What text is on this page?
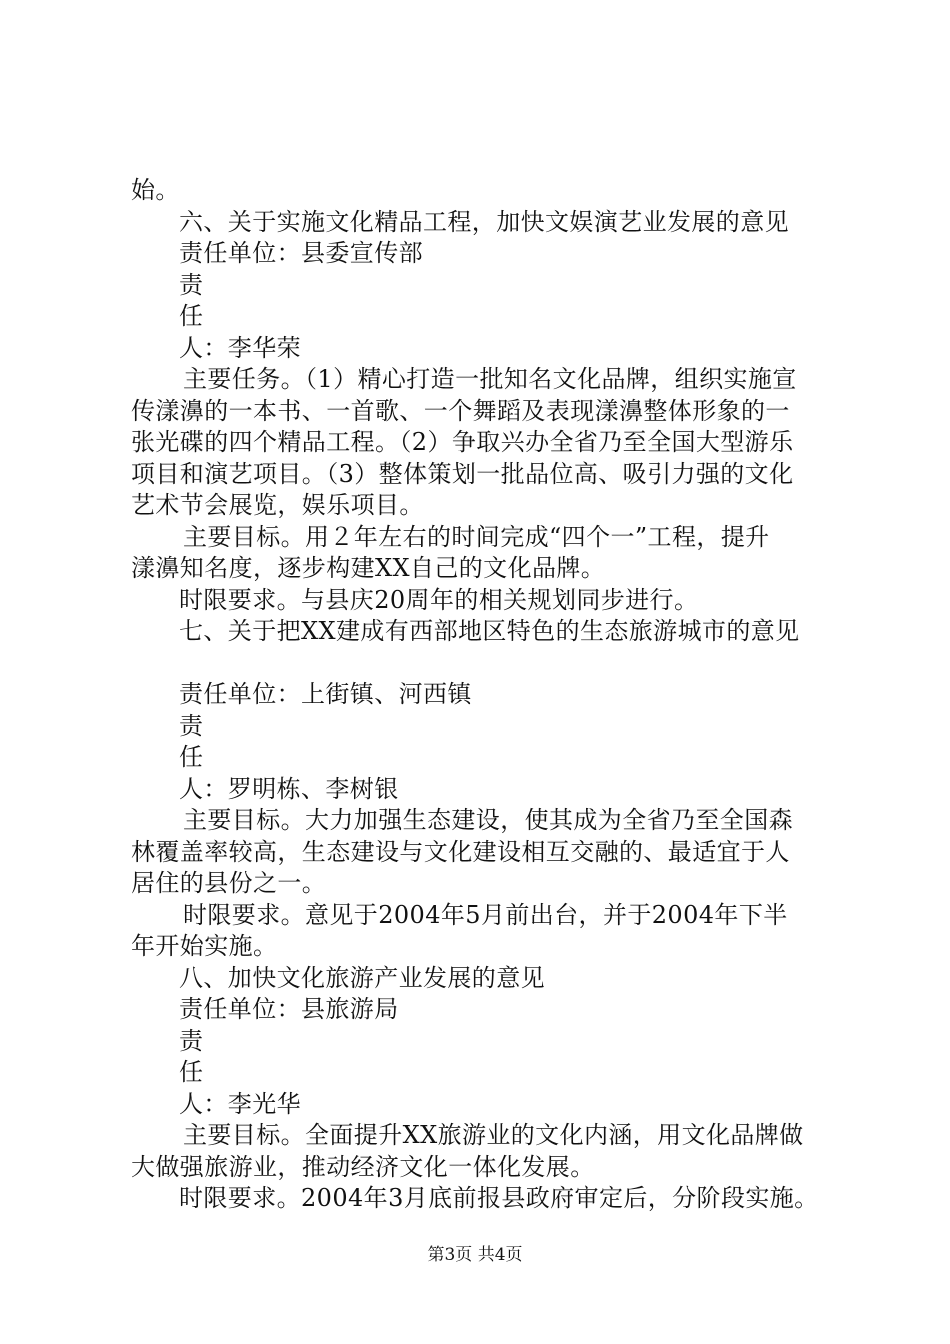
始。
六、关于实施文化精品工程，加快文娱演艺业发展的意见
责任单位：县委宣传部
责
任
人：李华荣
主要任务。（1）精心打造一批知名文化品牌，组织实施宣
传漾濞的一本书、一首歌、一个舞蹈及表现漾濞整体形象的一
张光碟的四个精品工程。（2）争取兴办全省乃至全国大型游乐
项目和演艺项目。（3）整体策划一批品位高、吸引力强的文化
艺术节会展览，娱乐项目。
主要目标。用２年左右的时间完成“四个一”工程，提升
漾濞知名度，逐步构建XX自己的文化品牌。
时限要求。与县庆20周年的相关规划同步进行。
七、关于把XX建成有西部地区特色的生态旅游城市的意见
责任单位：上街镇、河西镇
责
任
人：罗明栋、李树银
主要目标。大力加强生态建设，使其成为全省乃至全国森
林覆盖率较高，生态建设与文化建设相互交融的、最适宜于人
居住的县份之一。
时限要求。意见于2004年5月前出台，并于2004年下半
年开始实施。
八、加快文化旅游产业发展的意见
责任单位：县旅游局
责
任
人：李光华
主要目标。全面提升XX旅游业的文化内涵，用文化品牌做
大做强旅游业，推动经济文化一体化发展。
时限要求。2004年3月底前报县政府审定后，分阶段实施。
第3页 共4页
